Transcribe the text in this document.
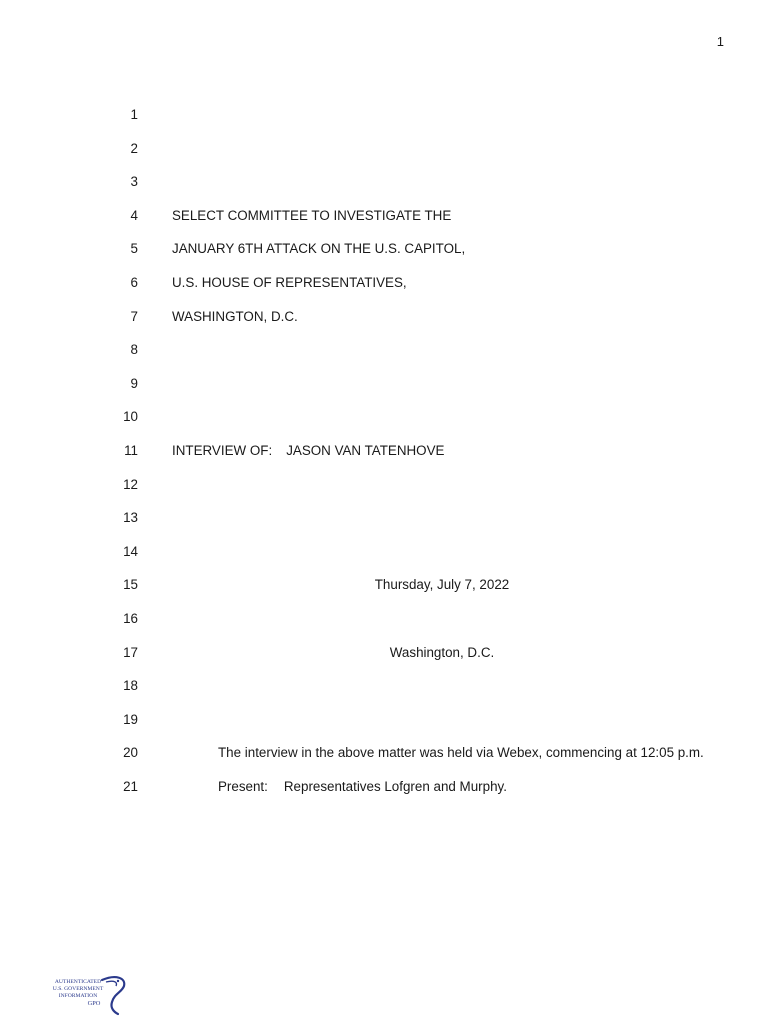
1
1
2
3
4	SELECT COMMITTEE TO INVESTIGATE THE
5	JANUARY 6TH ATTACK ON THE U.S. CAPITOL,
6	U.S. HOUSE OF REPRESENTATIVES,
7	WASHINGTON, D.C.
8
9
10
11	INTERVIEW OF: JASON VAN TATENHOVE
12
13
14
15	Thursday, July 7, 2022
16
17	Washington, D.C.
18
19
20	The interview in the above matter was held via Webex, commencing at 12:05 p.m.
21	Present: Representatives Lofgren and Murphy.
AUTHENTICATED
U.S. GOVERNMENT
INFORMATION
GPO
